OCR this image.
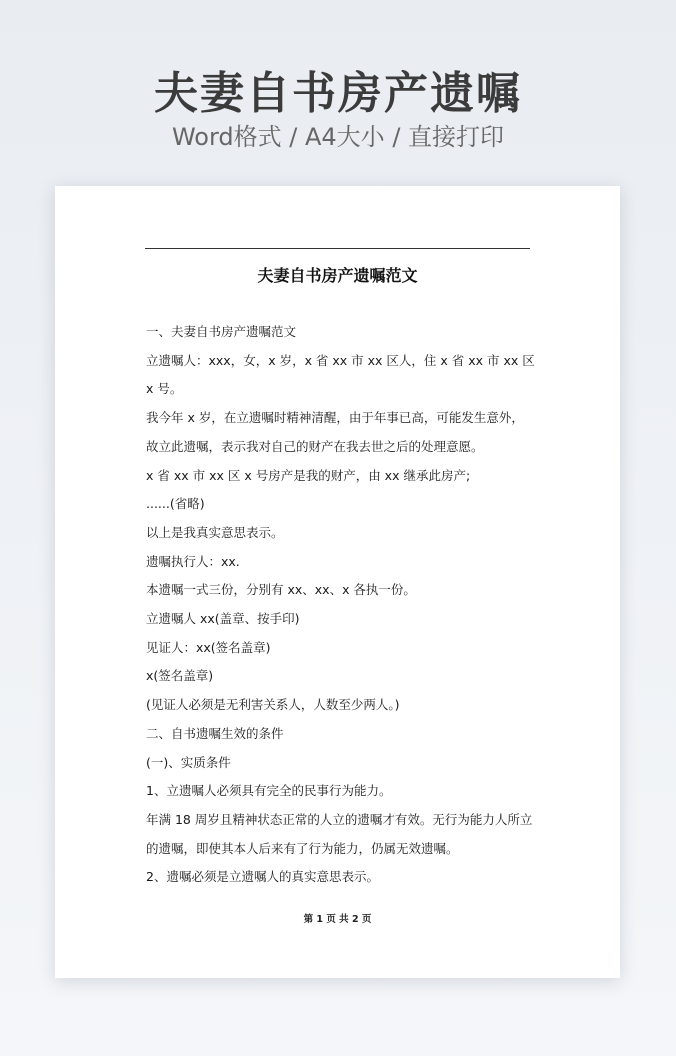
夫妻自书房产遗嘱
Word格式 / A4大小 / 直接打印
夫妻自书房产遗嘱范文

一、夫妻自书房产遗嘱范文

立遗嘱人：xxx，女，x 岁，x 省 xx 市 xx 区人，住 x 省 xx 市 xx 区 x 号。

我今年 x 岁，在立遗嘱时精神清醒，由于年事已高，可能发生意外，故立此遗嘱，表示我对自己的财产在我去世之后的处理意愿。

x 省 xx 市 xx 区 x 号房产是我的财产，由 xx 继承此房产;

......(省略)

以上是我真实意思表示。

遗嘱执行人：xx.

本遗嘱一式三份，分别有 xx、xx、x 各执一份。

立遗嘱人 xx(盖章、按手印)

见证人：xx(签名盖章)

x(签名盖章)

(见证人必须是无利害关系人，人数至少两人。)

二、自书遗嘱生效的条件

(一)、实质条件

1、立遗嘱人必须具有完全的民事行为能力。

年满 18 周岁且精神状态正常的人立的遗嘱才有效。无行为能力人所立的遗嘱，即使其本人后来有了行为能力，仍属无效遗嘱。

2、遗嘱必须是立遗嘱人的真实意思表示。

第 1 页 共 2 页
